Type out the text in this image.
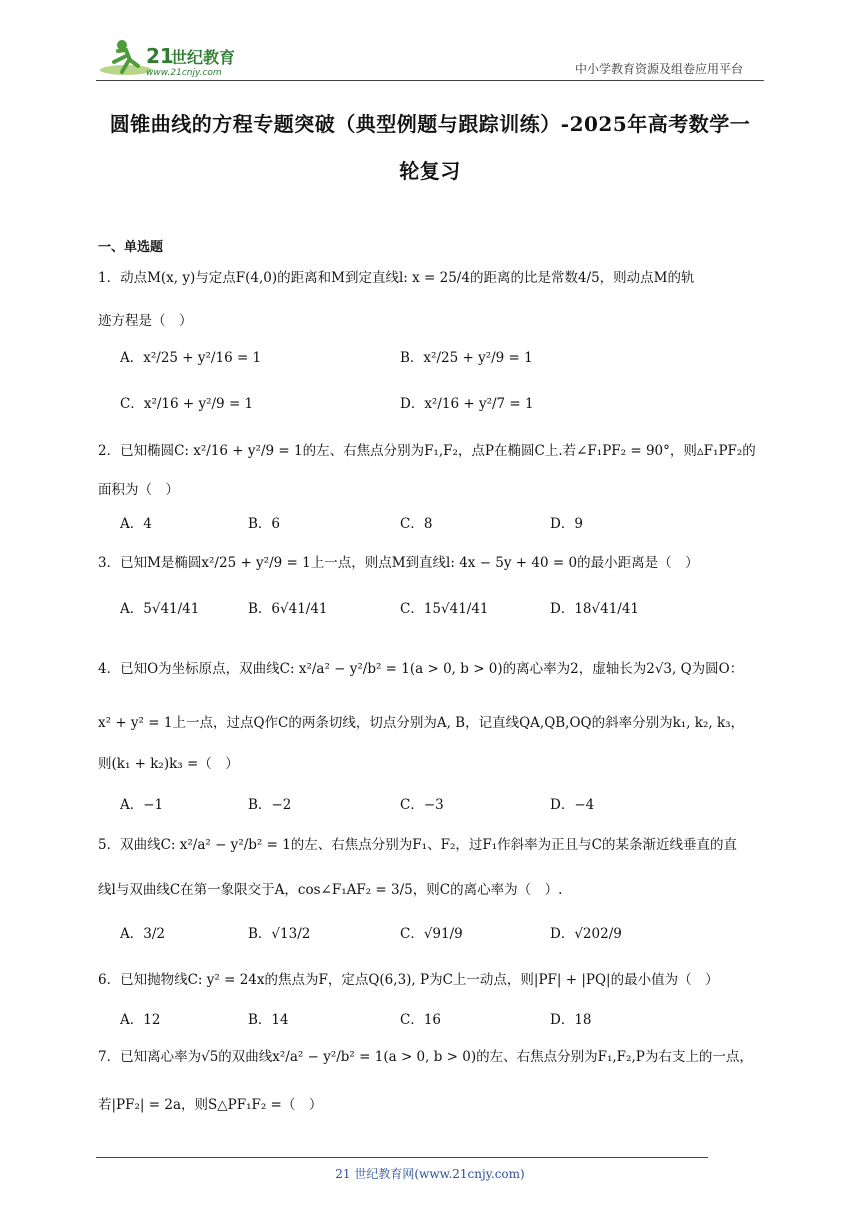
21
世纪教育
www.21cnjy.com	中小学教育资源及组卷应用平台
圆锥曲线的方程专题突破（典型例题与跟踪训练）-2025年高考数学一
轮复习
一、单选题
1．动点M(x, y)与定点F(4,0)的距离和M到定直线l: x = 25/4的距离的比是常数4/5，则动点M的轨
迹方程是（　）
A．x²/25 + y²/16 = 1	B．x²/25 + y²/9 = 1
C．x²/16 + y²/9 = 1	D．x²/16 + y²/7 = 1
2．已知椭圆C: x²/16 + y²/9 = 1的左、右焦点分别为F₁,F₂，点P在椭圆C上.若∠F₁PF₂ = 90°，则▵F₁PF₂的
面积为（　）
A．4	B．6	C．8	D．9
3．已知M是椭圆x²/25 + y²/9 = 1上一点，则点M到直线l: 4x − 5y + 40 = 0的最小距离是（　）
A．5√41/41	B．6√41/41	C．15√41/41	D．18√41/41
4．已知O为坐标原点，双曲线C: x²/a² − y²/b² = 1(a > 0, b > 0)的离心率为2，虚轴长为2√3, Q为圆O：
x² + y² = 1上一点，过点Q作C的两条切线，切点分别为A, B，记直线QA,QB,OQ的斜率分别为k₁, k₂, k₃，
则(k₁ + k₂)k₃ =（　）
A．−1	B．−2	C．−3	D．−4
5．双曲线C: x²/a² − y²/b² = 1的左、右焦点分别为F₁、F₂，过F₁作斜率为正且与C的某条渐近线垂直的直
线l与双曲线C在第一象限交于A，cos∠F₁AF₂ = 3/5，则C的离心率为（　）.
A．3/2	B．√13/2	C．√91/9	D．√202/9
6．已知抛物线C: y² = 24x的焦点为F，定点Q(6,3), P为C上一动点，则|PF| + |PQ|的最小值为（　）
A．12	B．14	C．16	D．18
7．已知离心率为√5的双曲线x²/a² − y²/b² = 1(a > 0, b > 0)的左、右焦点分别为F₁,F₂,P为右支上的一点，
若|PF₂| = 2a，则S△PF₁F₂ =（　）
21 世纪教育网(www.21cnjy.com)
